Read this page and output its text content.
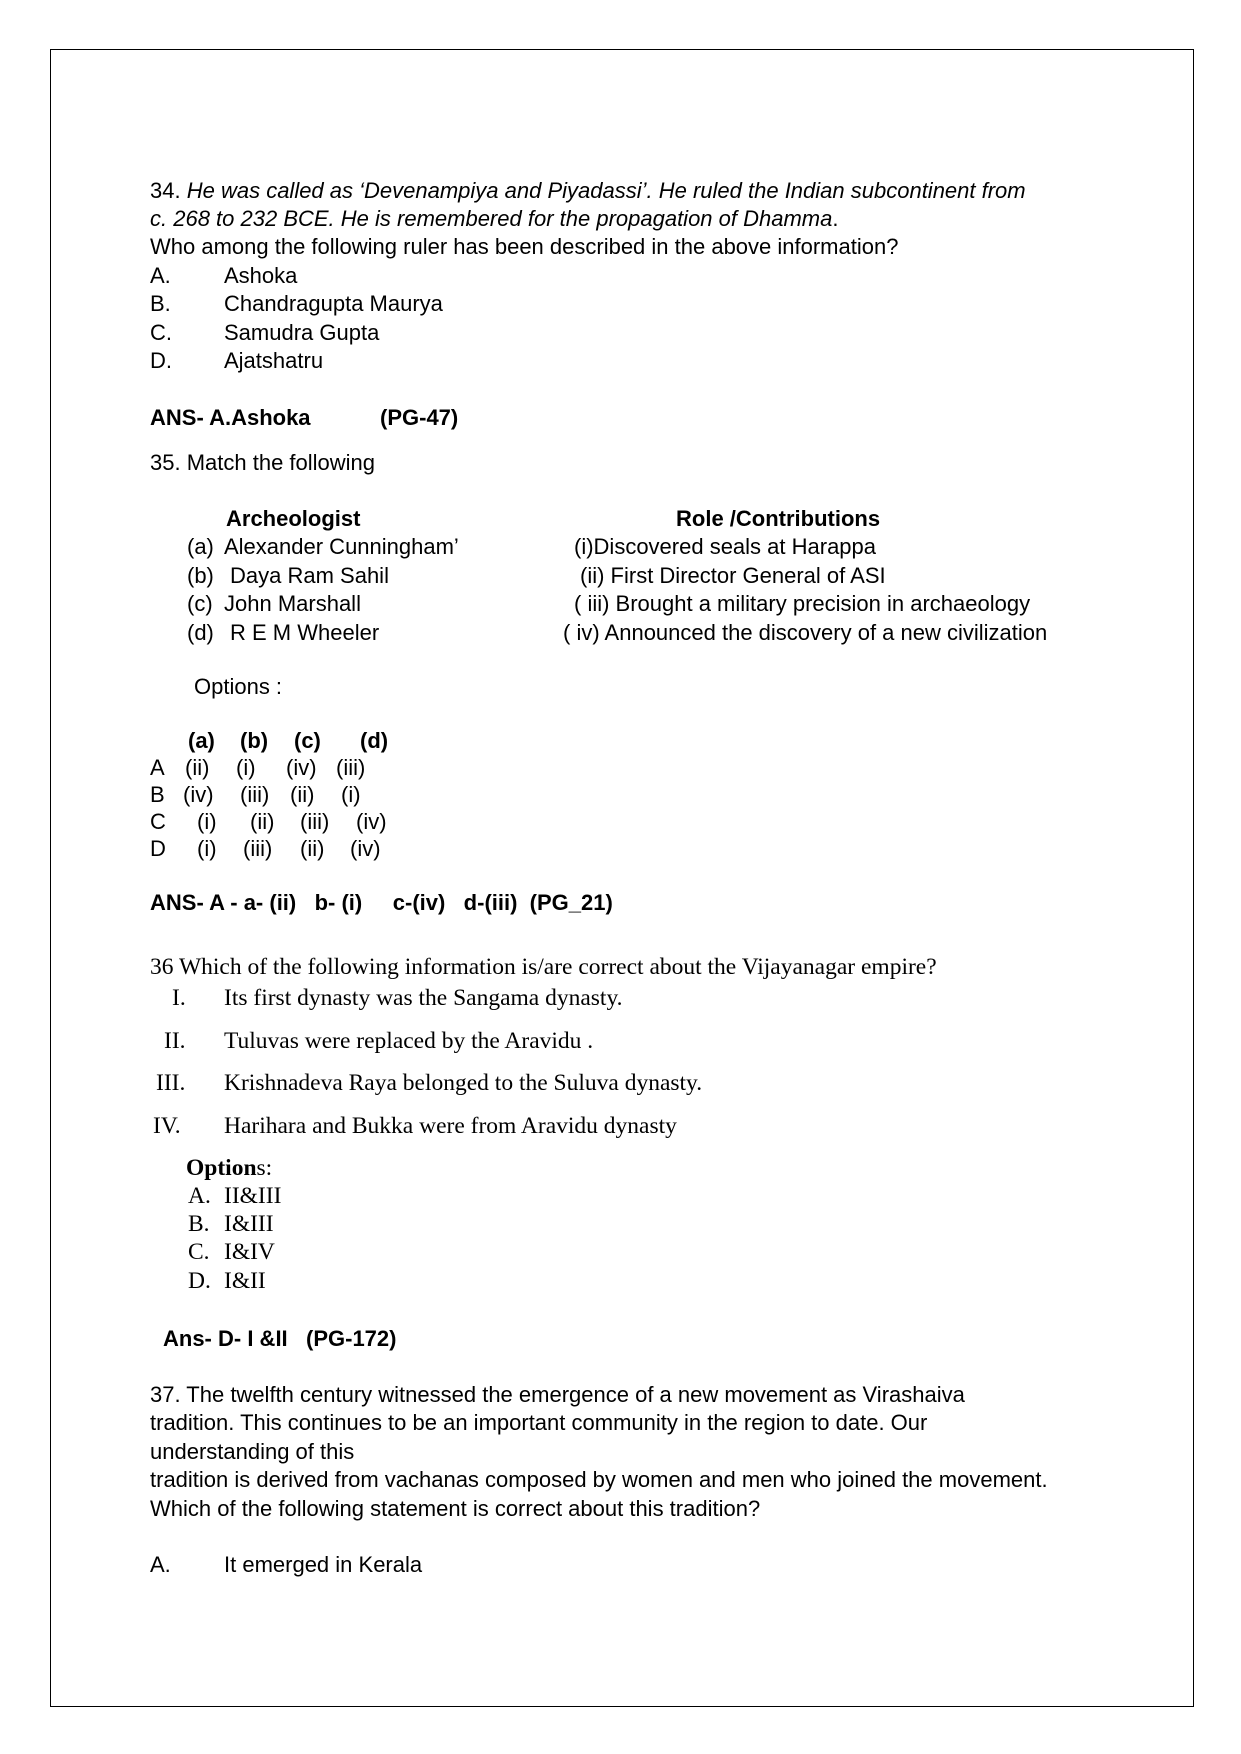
34. He was called as ‘Devenampiya and Piyadassi’. He ruled the Indian subcontinent from
c. 268 to 232 BCE. He is remembered for the propagation of Dhamma.
Who among the following ruler has been described in the above information?
A. Ashoka
B. Chandragupta Maurya
C. Samudra Gupta
D. Ajatshatru
ANS- A.Ashoka	(PG-47)
35. Match the following
Archeologist	Role /Contributions
(a) Alexander Cunningham’
(b) Daya Ram Sahil
(c) John Marshall
(d) R E M Wheeler
(i)Discovered seals at Harappa
(ii) First Director General of ASI
( iii) Brought a military precision in archaeology
( iv) Announced the discovery of a new civilization
Options :
(a) (b) (c) (d)
A (ii) (i) (iv) (iii)
B (iv) (iii) (ii) (i)
C (i) (ii) (iii) (iv)
D (i) (iii) (ii) (iv)
ANS- A - a- (ii)   b- (i)     c-(iv)   d-(iii)  (PG_21)
36 Which of the following information is/are correct about the Vijayanagar empire?
I. Its first dynasty was the Sangama dynasty.
II. Tuluvas were replaced by the Aravidu .
III. Krishnadeva Raya belonged to the Suluva dynasty.
IV. Harihara and Bukka were from Aravidu dynasty
Options:
A. II&III
B. I&III
C. I&IV
D. I&II
Ans- D- I &II   (PG-172)
37. The twelfth century witnessed the emergence of a new movement as Virashaiva
tradition. This continues to be an important community in the region to date. Our
understanding of this
tradition is derived from vachanas composed by women and men who joined the movement.
Which of the following statement is correct about this tradition?
A. It emerged in Kerala
